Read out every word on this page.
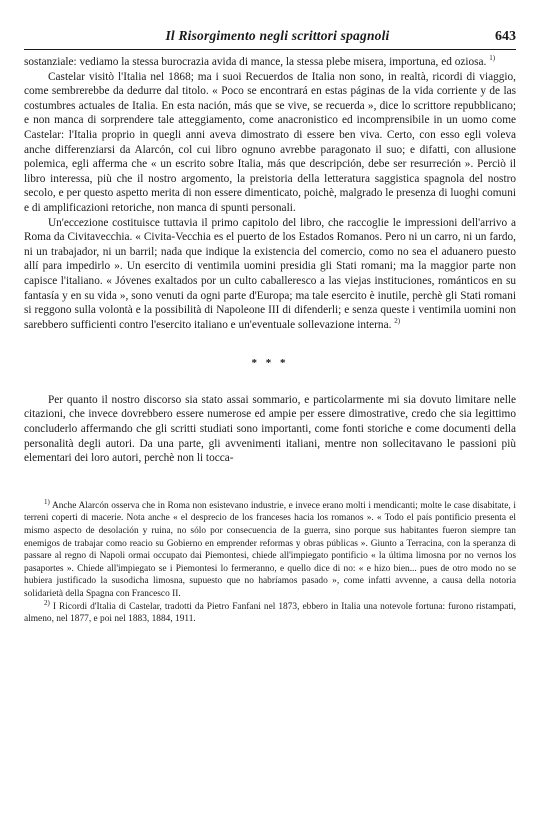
Il Risorgimento negli scrittori spagnoli	643

sostanziale: vediamo la stessa burocrazia avida di mance, la stessa plebe misera, importuna, ed oziosa. $^{1)}$

Castelar visitò l'Italia nel 1868; ma i suoi Recuerdos de Italia non sono, in realtà, ricordi di viaggio, come sembrerebbe da dedurre dal titolo. « Poco se encontrará en estas páginas de la vida corriente y de las costumbres actuales de Italia. En esta nación, más que se vive, se recuerda », dice lo scrittore repubblicano; e non manca di sorprendere tale atteggiamento, come anacronistico ed incomprensibile in un uomo come Castelar: l'Italia proprio in quegli anni aveva dimostrato di essere ben viva. Certo, con esso egli voleva anche differenziarsi da Alarcón, col cui libro ognuno avrebbe paragonato il suo; e difatti, con allusione polemica, egli afferma che « un escrito sobre Italia, más que descripción, debe ser resurreción ». Perciò il libro interessa, più che il nostro argomento, la preistoria della letteratura saggistica spagnola del nostro secolo, e per questo aspetto merita di non essere dimenticato, poichè, malgrado le presenza di luoghi comuni e di amplificazioni retoriche, non manca di spunti personali.

Un'eccezione costituisce tuttavia il primo capitolo del libro, che raccoglie le impressioni dell'arrivo a Roma da Civitavecchia. « Civita-Vecchia es el puerto de los Estados Romanos. Pero ni un carro, ni un fardo, ni un trabajador, ni un barril; nada que indique la existencia del comercio, como no sea el aduanero puesto allí para impedirlo ». Un esercito di ventimila uomini presidia gli Stati romani; ma la maggior parte non capisce l'italiano. « Jóvenes exaltados por un culto caballeresco a las viejas instituciones, románticos en su fantasía y en su vida », sono venuti da ogni parte d'Europa; ma tale esercito è inutile, perchè gli Stati romani si reggono sulla volontà e la possibilità di Napoleone III di difenderli; e senza queste i ventimila uomini non sarebbero sufficienti contro l'esercito italiano e un'eventuale sollevazione interna. $^{2)}$

* * *

Per quanto il nostro discorso sia stato assai sommario, e particolarmente mi sia dovuto limitare nelle citazioni, che invece dovrebbero essere numerose ed ampie per essere dimostrative, credo che sia legittimo concluderlo affermando che gli scritti studiati sono importanti, come fonti storiche e come documenti della personalità degli autori. Da una parte, gli avvenimenti italiani, mentre non sollecitavano le passioni più elementari dei loro autori, perchè non li tocca-

$^{1)}$ Anche Alarcón osserva che in Roma non esistevano industrie, e invece erano molti i mendicanti; molte le case disabitate, i terreni coperti di macerie. Nota anche « el desprecio de los franceses hacia los romanos ». « Todo el país pontificio presenta el mismo aspecto de desolación y ruina, no sólo por consecuencia de la guerra, sino porque sus habitantes fueron siempre tan enemigos de trabajar como reacio su Gobierno en emprender reformas y obras públicas ». Giunto a Terracina, con la speranza di passare al regno di Napoli ormai occupato dai Piemontesi, chiede all'impiegato pontificio « la última limosna por no vernos los pasaportes ». Chiede all'impiegato se i Piemontesi lo fermeranno, e quello dice di no: « e hizo bien... pues de otro modo no se hubiera justificado la susodicha limosna, supuesto que no habríamos pasado », come infatti avvenne, a causa della notoria solidarietà della Spagna con Francesco II.

$^{2)}$ I Ricordi d'Italia di Castelar, tradotti da Pietro Fanfani nel 1873, ebbero in Italia una notevole fortuna: furono ristampati, almeno, nel 1877, e poi nel 1883, 1884, 1911.
